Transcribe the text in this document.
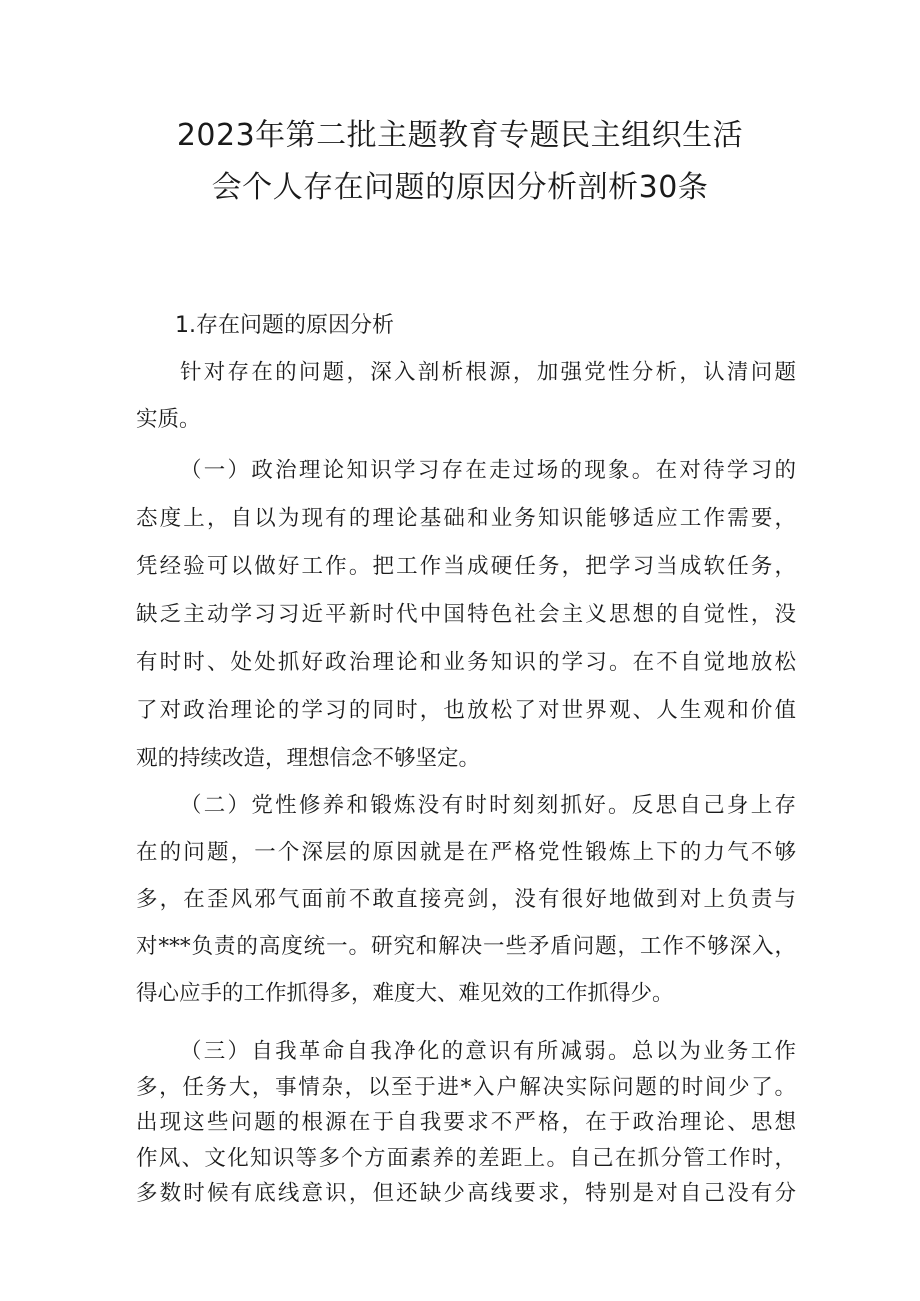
2023年第二批主题教育专题民主组织生活
会个人存在问题的原因分析剖析30条
1.存在问题的原因分析

针对存在的问题，深入剖析根源，加强党性分析，认清问题
实质。

（一）政治理论知识学习存在走过场的现象。在对待学习的
态度上，自以为现有的理论基础和业务知识能够适应工作需要，
凭经验可以做好工作。把工作当成硬任务，把学习当成软任务，
缺乏主动学习习近平新时代中国特色社会主义思想的自觉性，没
有时时、处处抓好政治理论和业务知识的学习。在不自觉地放松
了对政治理论的学习的同时，也放松了对世界观、人生观和价值
观的持续改造，理想信念不够坚定。

（二）党性修养和锻炼没有时时刻刻抓好。反思自己身上存
在的问题，一个深层的原因就是在严格党性锻炼上下的力气不够
多，在歪风邪气面前不敢直接亮剑，没有很好地做到对上负责与
对***负责的高度统一。研究和解决一些矛盾问题，工作不够深入，
得心应手的工作抓得多，难度大、难见效的工作抓得少。

（三）自我革命自我净化的意识有所减弱。总以为业务工作
多，任务大，事情杂，以至于进*入户解决实际问题的时间少了。
出现这些问题的根源在于自我要求不严格，在于政治理论、思想
作风、文化知识等多个方面素养的差距上。自己在抓分管工作时，
多数时候有底线意识，但还缺少高线要求，特别是对自己没有分
